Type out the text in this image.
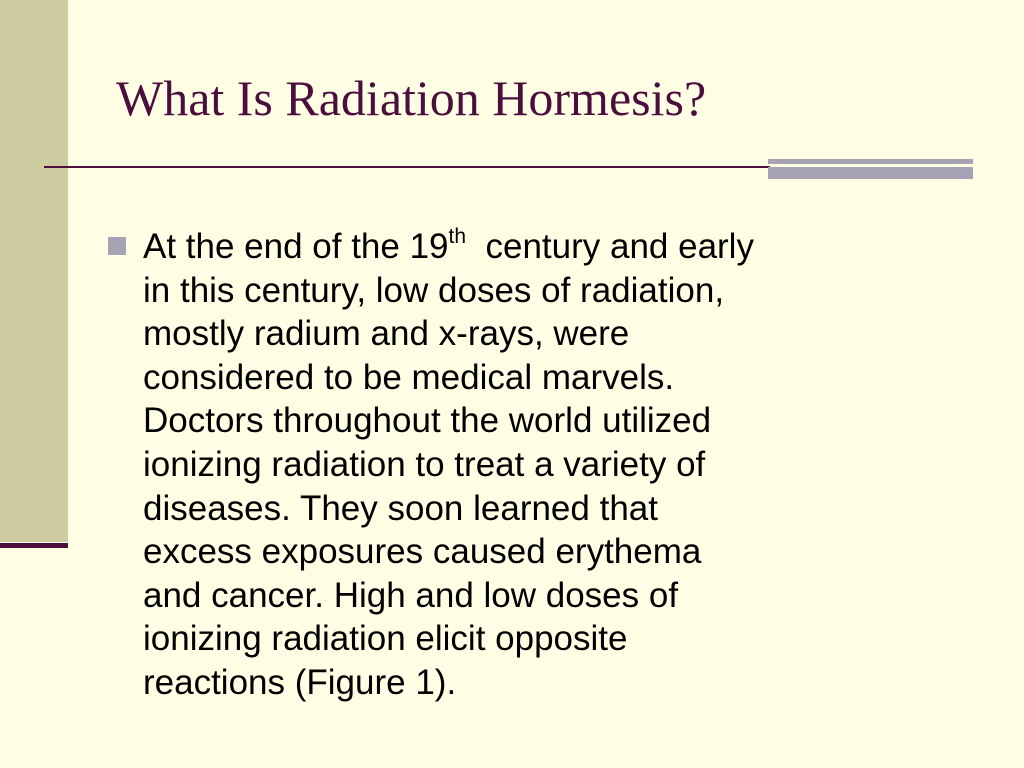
What Is Radiation Hormesis?

At the end of the 19th  century and early
in this century, low doses of radiation,
mostly radium and x-rays, were
considered to be medical marvels.
Doctors throughout the world utilized
ionizing radiation to treat a variety of
diseases. They soon learned that
excess exposures caused erythema
and cancer. High and low doses of
ionizing radiation elicit opposite
reactions (Figure 1).
